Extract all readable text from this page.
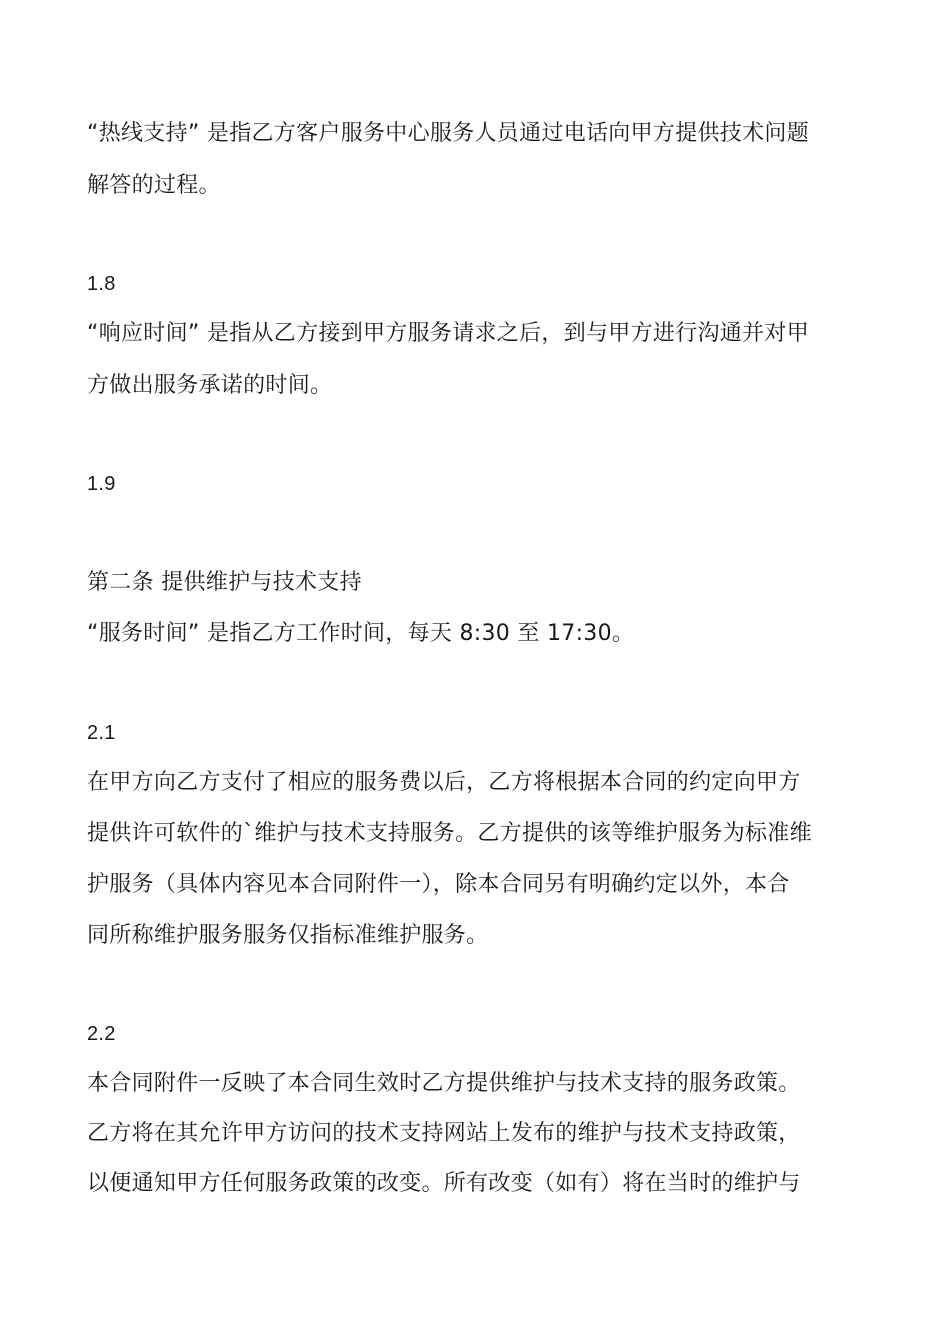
“热线支持” 是指乙方客户服务中心服务人员通过电话向甲方提供技术问题
解答的过程。
1.8
“响应时间” 是指从乙方接到甲方服务请求之后，到与甲方进行沟通并对甲
方做出服务承诺的时间。
1.9
第二条 提供维护与技术支持
“服务时间” 是指乙方工作时间，每天 8:30 至 17:30。
2.1
在甲方向乙方支付了相应的服务费以后，乙方将根据本合同的约定向甲方
提供许可软件的`维护与技术支持服务。乙方提供的该等维护服务为标准维
护服务（具体内容见本合同附件一），除本合同另有明确约定以外，本合
同所称维护服务服务仅指标准维护服务。
2.2
本合同附件一反映了本合同生效时乙方提供维护与技术支持的服务政策。
乙方将在其允许甲方访问的技术支持网站上发布的维护与技术支持政策，
以便通知甲方任何服务政策的改变。所有改变（如有）将在当时的维护与
